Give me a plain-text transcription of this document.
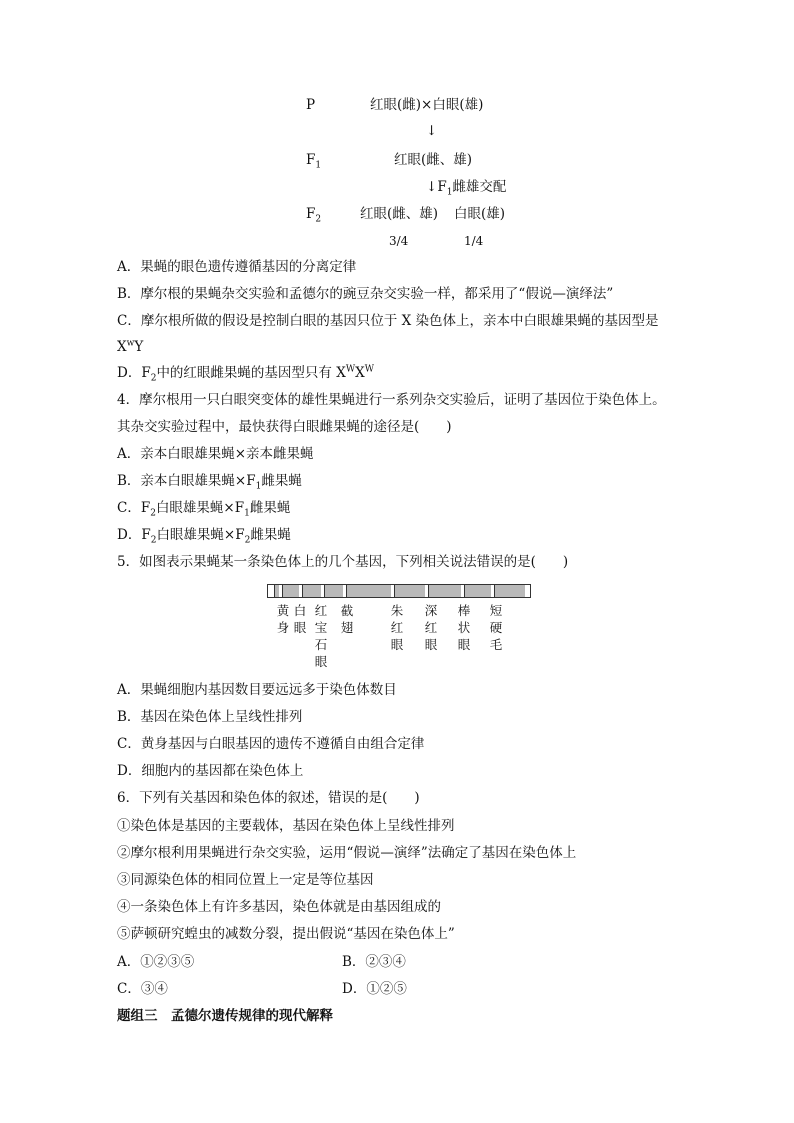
P	红眼(雌)×白眼(雄)
↓
$F_1$	红眼(雌、雄)
$↓F_1$雌雄交配
$F_2$	红眼(雌、雄) 白眼(雄)
3/4	1/4
A．果蝇的眼色遗传遵循基因的分离定律
B．摩尔根的果蝇杂交实验和孟德尔的豌豆杂交实验一样，都采用了“假说—演绎法”
C．摩尔根所做的假设是控制白眼的基因只位于 X 染色体上，亲本中白眼雄果蝇的基因型是
$X^wY$
D．$F_2$中的红眼雌果蝇的基因型只有 $X^WX^W$
4．摩尔根用一只白眼突变体的雄性果蝇进行一系列杂交实验后，证明了基因位于染色体上。
其杂交实验过程中，最快获得白眼雌果蝇的途径是(　　)
A．亲本白眼雄果蝇×亲本雌果蝇
B．亲本白眼雄果蝇$\times F_1$雌果蝇
C．$F_2$白眼雄果蝇$\times F_1$雌果蝇
D．$F_2$白眼雄果蝇$\times F_2$雌果蝇
5．如图表示果蝇某一条染色体上的几个基因，下列相关说法错误的是(　　)
黄
身
白
眼
红
宝
石
眼
截
翅
朱
红
眼
深
红
眼
棒
状
眼
短
硬
毛
A．果蝇细胞内基因数目要远远多于染色体数目
B．基因在染色体上呈线性排列
C．黄身基因与白眼基因的遗传不遵循自由组合定律
D．细胞内的基因都在染色体上
6．下列有关基因和染色体的叙述，错误的是(　　)
①染色体是基因的主要载体，基因在染色体上呈线性排列
②摩尔根利用果蝇进行杂交实验，运用“假说—演绎”法确定了基因在染色体上
③同源染色体的相同位置上一定是等位基因
④一条染色体上有许多基因，染色体就是由基因组成的
⑤萨顿研究蝗虫的减数分裂，提出假说“基因在染色体上”
A．①②③⑤	B．②③④
C．③④	D．①②⑤
题组三　孟德尔遗传规律的现代解释
